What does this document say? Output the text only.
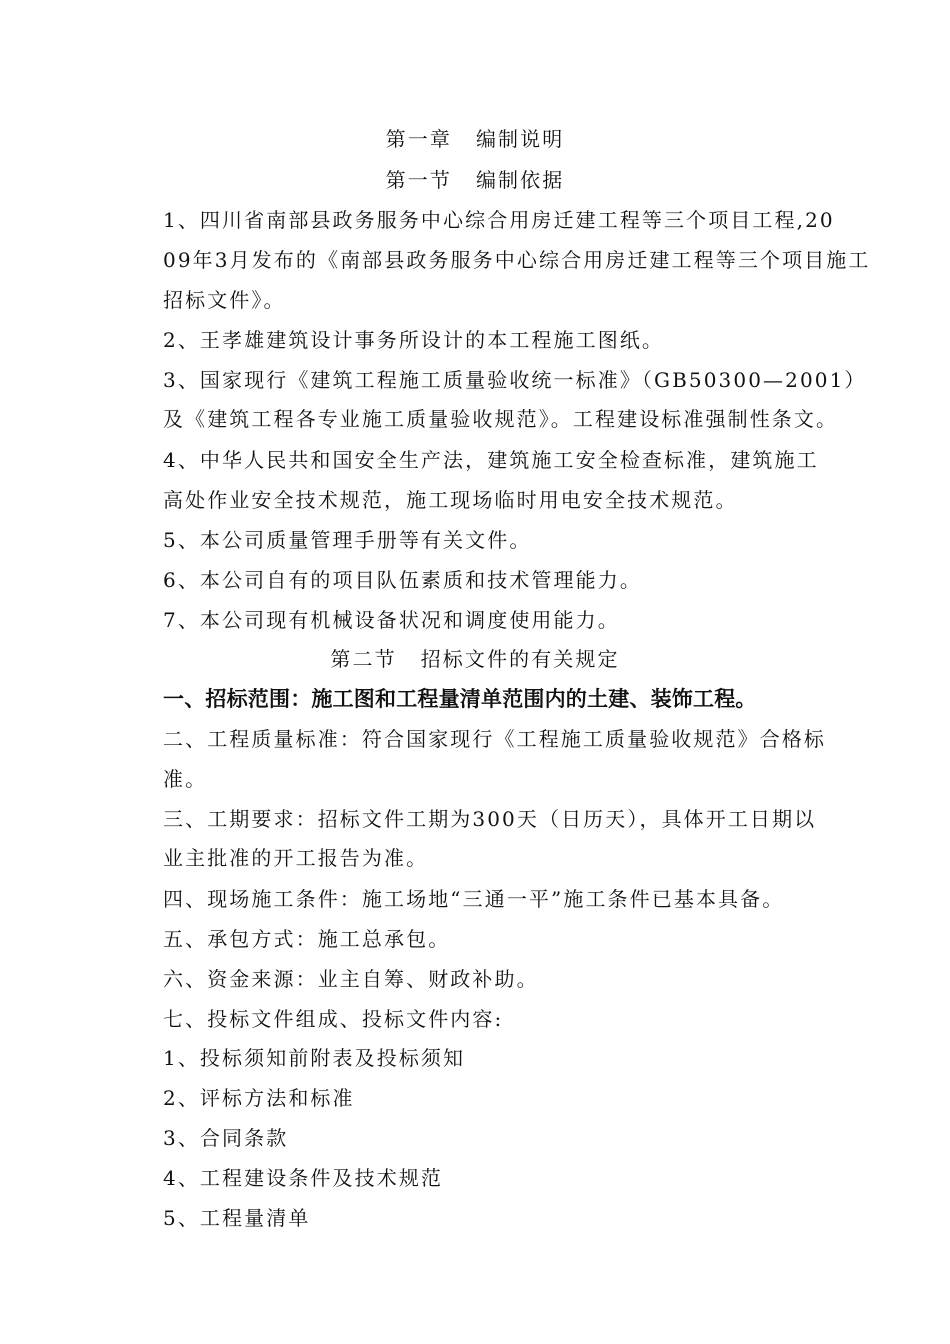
第一章 编制说明
第一节 编制依据
1、四川省南部县政务服务中心综合用房迁建工程等三个项目工程,20
09年3月发布的《南部县政务服务中心综合用房迁建工程等三个项目施工
招标文件》。
2、王孝雄建筑设计事务所设计的本工程施工图纸。
3、国家现行《建筑工程施工质量验收统一标准》（GB50300—2001）
及《建筑工程各专业施工质量验收规范》。工程建设标准强制性条文。
4、中华人民共和国安全生产法，建筑施工安全检查标准，建筑施工
高处作业安全技术规范，施工现场临时用电安全技术规范。
5、本公司质量管理手册等有关文件。
6、本公司自有的项目队伍素质和技术管理能力。
7、本公司现有机械设备状况和调度使用能力。
第二节 招标文件的有关规定
一、招标范围：施工图和工程量清单范围内的土建、装饰工程。
二、工程质量标准：符合国家现行《工程施工质量验收规范》合格标
准。
三、工期要求：招标文件工期为300天（日历天），具体开工日期以
业主批准的开工报告为准。
四、现场施工条件：施工场地“三通一平”施工条件已基本具备。
五、承包方式：施工总承包。
六、资金来源：业主自筹、财政补助。
七、投标文件组成、投标文件内容:
1、投标须知前附表及投标须知
2、评标方法和标准
3、合同条款
4、工程建设条件及技术规范
5、工程量清单
